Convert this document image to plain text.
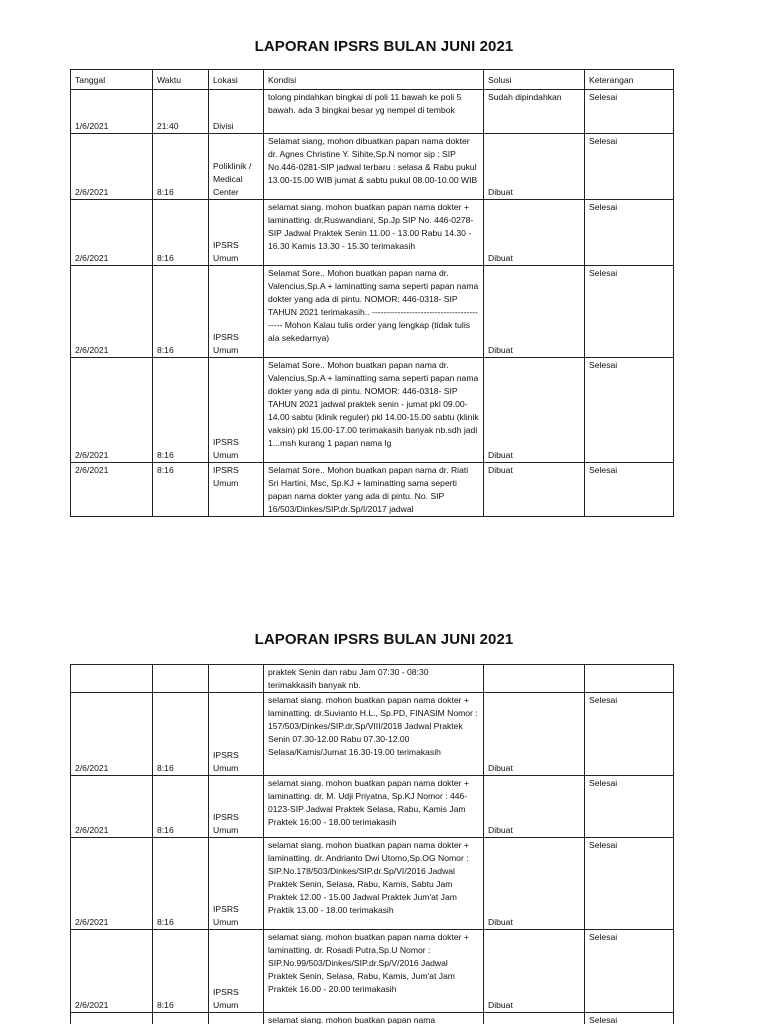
LAPORAN IPSRS BULAN JUNI 2021
Tanggal	Waktu	Lokasi	Kondisi	Solusi	Keterangan
1/6/2021	21:40	Divisi	tolong pindahkan bingkai di poli 11 bawah ke poli 5 bawah. ada 3 bingkai besar yg nempel di tembok	Sudah dipindahkan	Selesai
2/6/2021	8:16	Poliklinik / Medical Center	Selamat siang, mohon dibuatkan papan nama dokter dr. Agnes Christine Y. Sihite,Sp.N nomor sip : SIP No.446-0281-SIP jadwal terbaru : selasa & Rabu pukul 13.00-15.00 WIB jumat & sabtu pukul 08.00-10.00 WIB	Dibuat	Selesai
2/6/2021	8:16	IPSRS Umum	selamat siang. mohon buatkan papan nama dokter + laminatting. dr.Ruswandiani, Sp.Jp SIP No. 446-0278-SIP Jadwal Praktek Senin 11.00 - 13.00 Rabu 14.30 - 16.30 Kamis 13.30 - 15.30 terimakasih	Dibuat	Selesai
2/6/2021	8:16	IPSRS Umum	Selamat Sore.. Mohon buatkan papan nama dr. Valencius,Sp.A + laminatting sama seperti papan nama dokter yang ada di pintu. NOMOR: 446-0318- SIP TAHUN 2021 terimakasih.. ------------------------------------------ Mohon Kalau tulis order yang lengkap (tidak tulis ala sekedarnya)	Dibuat	Selesai
2/6/2021	8:16	IPSRS Umum	Selamat Sore.. Mohon buatkan papan nama dr. Valencius,Sp.A + laminatting sama seperti papan nama dokter yang ada di pintu. NOMOR: 446-0318- SIP TAHUN 2021 jadwal praktek senin - jumat pkl 09.00-14.00 sabtu (klinik reguler) pkl 14.00-15.00 sabtu (klinik vaksin) pkl 15.00-17.00 terimakasih banyak nb.sdh jadi 1...msh kurang 1 papan nama lg	Dibuat	Selesai
2/6/2021	8:16	IPSRS Umum	Selamat Sore.. Mohon buatkan papan nama dr. Riati Sri Hartini, Msc, Sp.KJ + laminatting sama seperti papan nama dokter yang ada di pintu. No. SIP 16/503/Dinkes/SIP.dr.Sp/I/2017 jadwal	Dibuat	Selesai
LAPORAN IPSRS BULAN JUNI 2021
			praktek Senin dan rabu Jam 07:30 - 08:30 terimakkasih banyak nb.		
2/6/2021	8:16	IPSRS Umum	selamat siang. mohon buatkan papan nama dokter + laminatting. dr.Suvianto H.L., Sp.PD, FINASIM Nomor : 157/503/Dinkes/SIP.dr.Sp/VIII/2018 Jadwal Praktek Senin 07.30-12.00 Rabu 07.30-12.00 Selasa/Kamis/Jumat 16.30-19.00 terimakasih	Dibuat	Selesai
2/6/2021	8:16	IPSRS Umum	selamat siang. mohon buatkan papan nama dokter + laminatting. dr. M. Udji Priyatna, Sp.KJ Nomor : 446-0123-SIP Jadwal Praktek Selasa, Rabu, Kamis Jam Praktek 16:00 - 18.00 terimakasih	Dibuat	Selesai
2/6/2021	8:16	IPSRS Umum	selamat siang. mohon buatkan papan nama dokter + laminatting. dr. Andrianto Dwi Utomo,Sp.OG Nomor : SIP.No.178/503/Dinkes/SIP.dr.Sp/VI/2016 Jadwal Praktek Senin, Selasa, Rabu, Kamis, Sabtu Jam Praktek 12.00 - 15.00 Jadwal Praktek Jum'at Jam Praktik 13.00 - 18.00 terimakasih	Dibuat	Selesai
2/6/2021	8:16	IPSRS Umum	selamat siang. mohon buatkan papan nama dokter + laminatting. dr. Rosadi Putra,Sp.U Nomor : SIP.No.99/503/Dinkes/SIP.dr.Sp/V/2016 Jadwal Praktek Senin, Selasa, Rabu, Kamis, Jum'at Jam Praktek 16.00 - 20.00 terimakasih	Dibuat	Selesai
			selamat siang. mohon buatkan papan nama		Selesai
